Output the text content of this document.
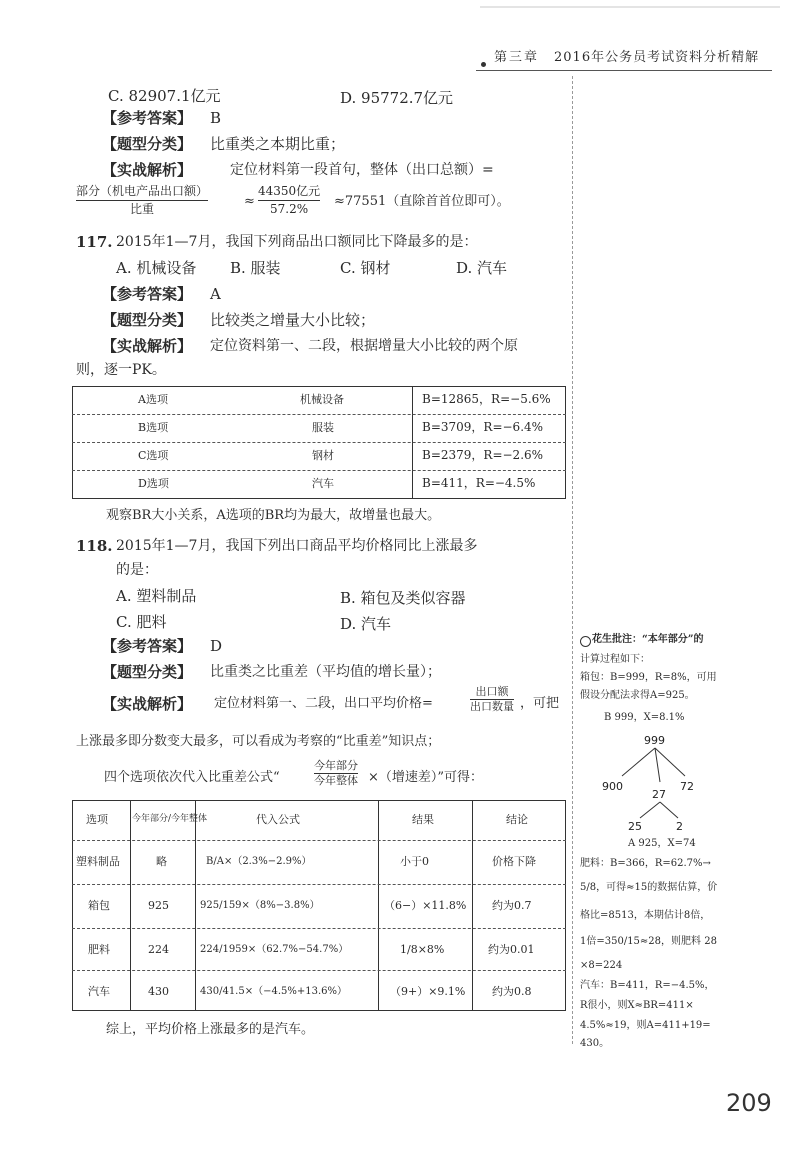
第三章 2016年公务员考试资料分析精解
C. 82907.1亿元	D. 95772.7亿元
【参考答案】 B
【题型分类】 比重类之本期比重；
【实战解析】	定位材料第一段首句，整体（出口总额）=
部分（机电产品出口额）
比重	≈
44350亿元
57.2% ≈77551（直除首首位即可）。
117. 2015年1—7月，我国下列商品出口额同比下降最多的是：
A. 机械设备 B. 服装	C. 钢材	D. 汽车
【参考答案】 A
【题型分类】 比较类之增量大小比较；
【实战解析】 定位资料第一、二段，根据增量大小比较的两个原
则，逐一PK。
A选项	机械设备	B=12865，R=−5.6%
B选项	服装	B=3709，R=−6.4%
C选项	钢材	B=2379，R=−2.6%
D选项	汽车	B=411，R=−4.5%
观察BR大小关系，A选项的BR均为最大，故增量也最大。
118. 2015年1—7月，我国下列出口商品平均价格同比上涨最多
的是：
A. 塑料制品	B. 箱包及类似容器
C. 肥料	D. 汽车
【参考答案】 D
【题型分类】 比重类之比重差（平均值的增长量）；
【实战解析】 定位材料第一、二段，出口平均价格=
出口额
出口数量 ，可把
上涨最多即分数变大最多，可以看成为考察的“比重差”知识点；
四个选项依次代入比重差公式“
今年部分
今年整体 ×（增速差）”可得：
选项	今年部分/今年整体	代入公式	结果	结论
塑料制品	略	B/A×（2.3%−2.9%）	小于0	价格下降
箱包	925	925/159×（8%−3.8%）	（6−）×11.8% 约为0.7
肥料	224	224/1959×（62.7%−54.7%）	1/8×8%	约为0.01
汽车	430	430/41.5×（−4.5%+13.6%）	（9+）×9.1% 约为0.8
综上，平均价格上涨最多的是汽车。
花生批注：“本年部分”的
计算过程如下：
箱包：B=999，R=8%，可用
假设分配法求得A=925。
B 999，X=8.1%
999
900	72
27
25	2
A 925，X=74
肥料：B=366，R=62.7%→
5/8，可得≈15的数据估算，价
格比=8513，本期估计8倍，
1倍=350/15≈28，则肥料 28
×8=224
汽车：B=411，R=−4.5%，
R很小，则X≈BR=411×
4.5%≈19，则A=411+19=
430。
209
